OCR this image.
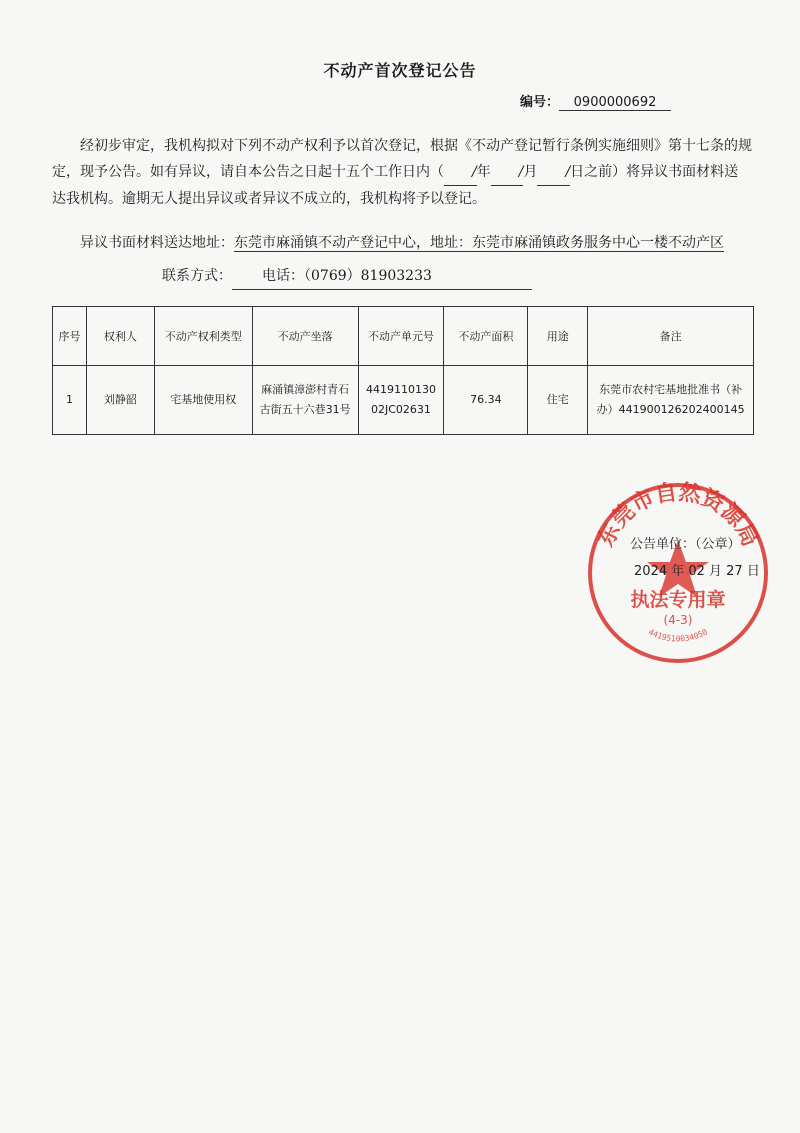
不动产首次登记公告
编号： 0900000692
经初步审定，我机构拟对下列不动产权利予以首次登记，根据《不动产登记暂行条例实施细则》第十七条的规定，现予公告。如有异议，请自本公告之日起十五个工作日内（ /年 /月 /日之前）将异议书面材料送达我机构。逾期无人提出异议或者异议不成立的，我机构将予以登记。
异议书面材料送达地址：东莞市麻涌镇不动产登记中心，地址：东莞市麻涌镇政务服务中心一楼不动产区
联系方式： 电话：（0769）81903233
序号	权利人	不动产权利类型	不动产坐落	不动产单元号	不动产面积	用途	备注
1	刘静韶	宅基地使用权	麻涌镇漳澎村青石古街五十六巷31号	441911013002JC02631	76.34	住宅	东莞市农村宅基地批准书（补办）441900126202400145
东莞市自然资源局
执法专用章
(4-3)
4419510034050
公告单位：（公章）
2024 年 02 月 27 日
